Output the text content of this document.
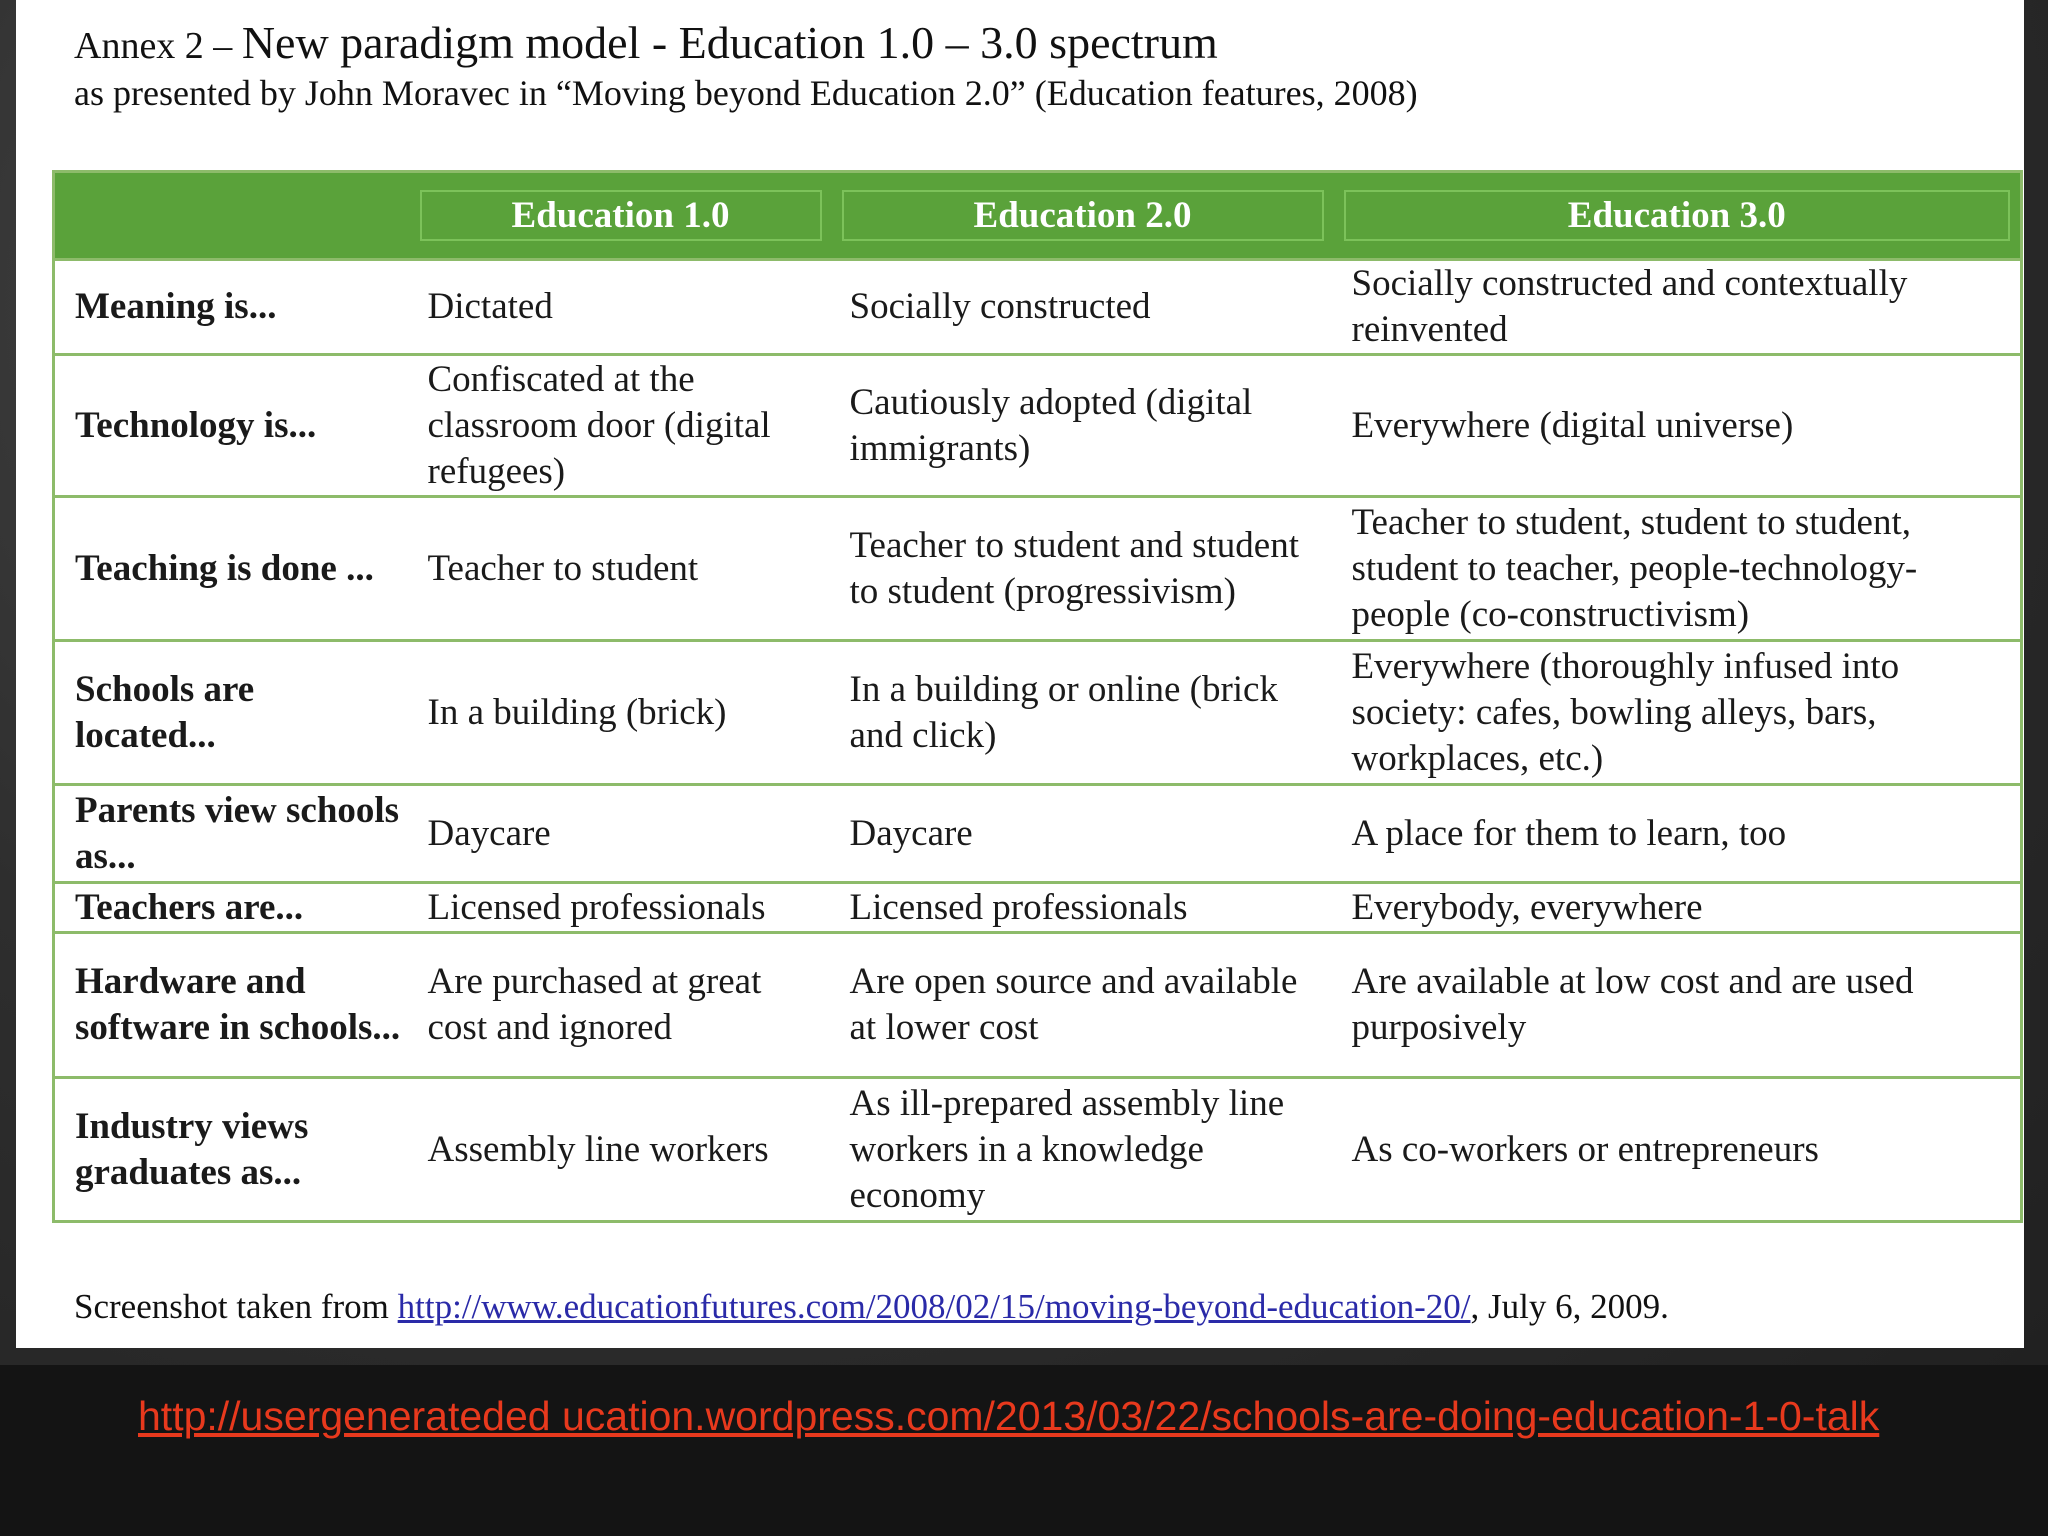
Annex 2 – New paradigm model - Education 1.0 – 3.0 spectrum
as presented by John Moravec in “Moving beyond Education 2.0” (Education features, 2008)

	Education 1.0	Education 2.0	Education 3.0

Meaning is...	Dictated	Socially constructed	Socially constructed and contextually reinvented
Technology is...	Confiscated at the classroom door (digital refugees)	Cautiously adopted (digital immigrants)	Everywhere (digital universe)
Teaching is done ...	Teacher to student	Teacher to student and student to student (progressivism)	Teacher to student, student to student, student to teacher, people-technology-people (co-constructivism)
Schools are located...	In a building (brick)	In a building or online (brick and click)	Everywhere (thoroughly infused into society: cafes, bowling alleys, bars, workplaces, etc.)
Parents view schools as...	Daycare	Daycare	A place for them to learn, too
Teachers are...	Licensed professionals	Licensed professionals	Everybody, everywhere
Hardware and software in schools...	Are purchased at great cost and ignored	Are open source and available at lower cost	Are available at low cost and are used purposively
Industry views graduates as...	Assembly line workers	As ill-prepared assembly line workers in a knowledge economy	As co-workers or entrepreneurs
Screenshot taken from http://www.educationfutures.com/2008/02/15/moving-beyond-education-20/, July 6, 2009.
http://usergenerateded ucation.wordpress.com/2013/03/22/schools-are-doing-education-1-0-talk
